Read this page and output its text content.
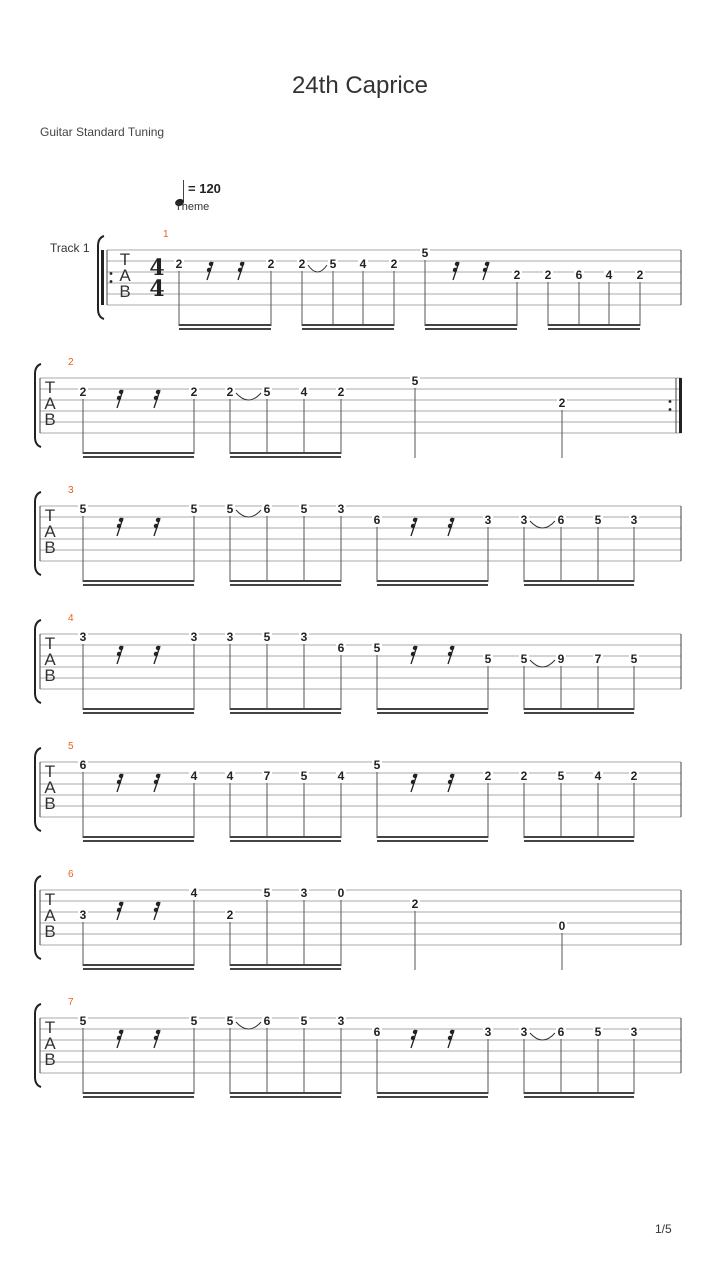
24th Caprice
Guitar Standard Tuning
= 120
Theme
Track 1
4
4
T
A
B
1
2	2 2 5 4 2
5
2 2 6 4 2
T
A
B
2
2	2 2	5	4	2
5
2
T
A
B
3
5	5 5	6	5	3
6	3 3	6	5 3
T
A
B
4
3	3 3	5	3
6 5
5 5	9	7 5
T
A
B
5
6
4 4	7	5	4
5
2 2	5	4 2
T
A
B
6
3
4
2
5	3	0
2
0
T
A
B
7
5	5 5	6	5	3
6	3 3	6	5 3
1/5
